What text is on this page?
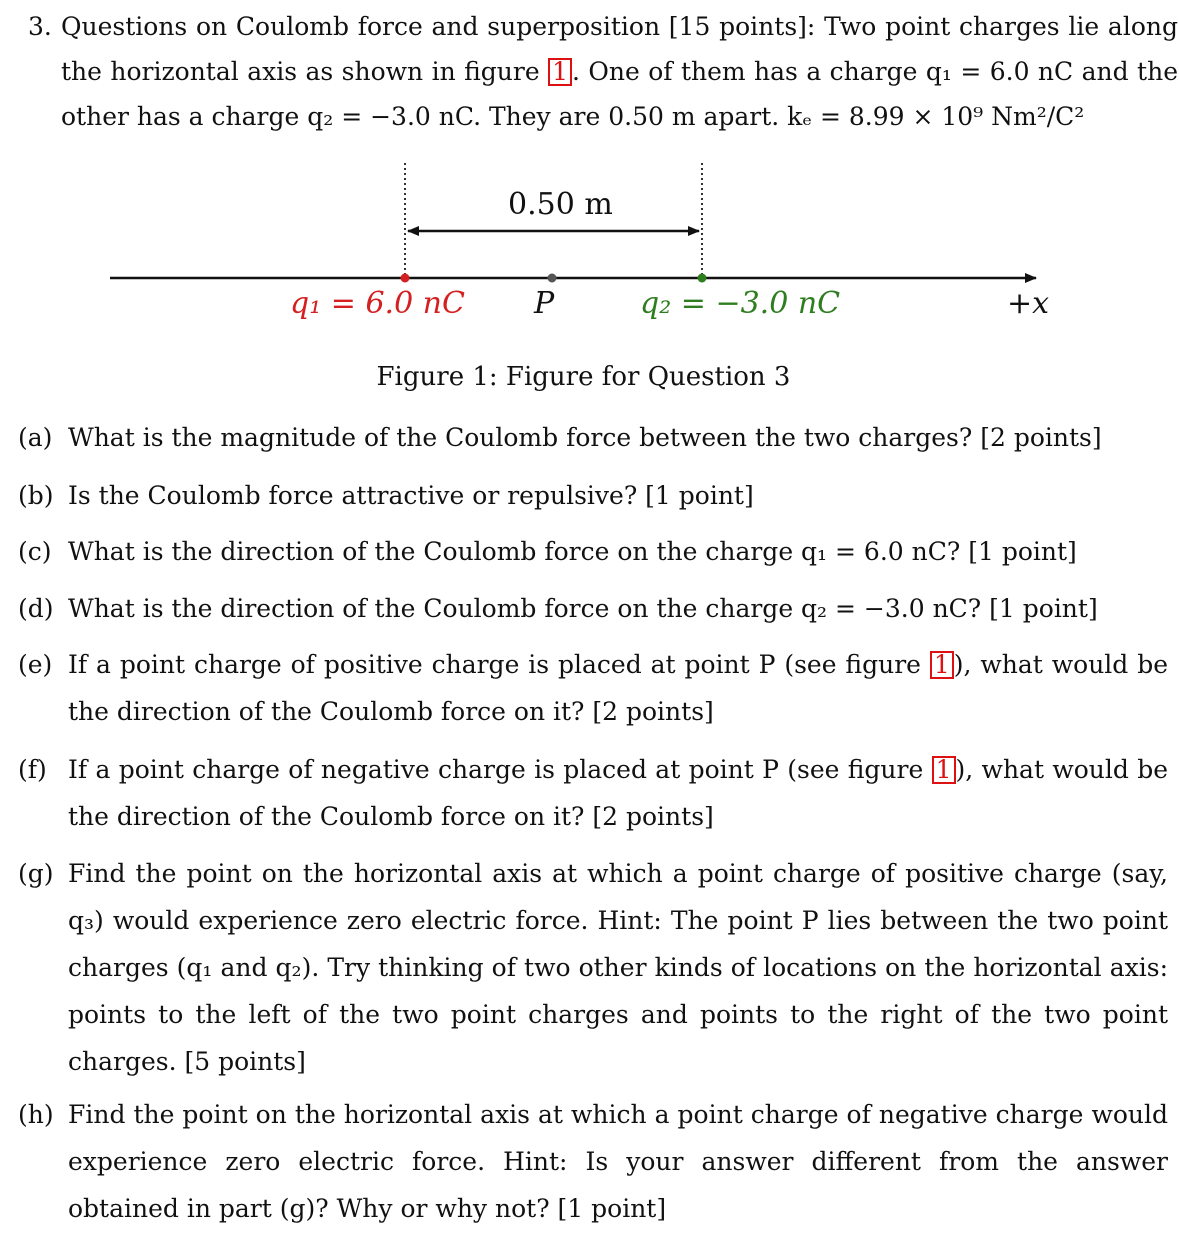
3. Questions on Coulomb force and superposition [15 points]: Two point charges lie along the horizontal axis as shown in figure 1 . One of them has a charge q₁ = 6.0 nC and the other has a charge q₂ = −3.0 nC. They are 0.50 m apart. kₑ = 8.99 × 10⁹ Nm²/C²
0.50 m
q₁ = 6.0 nC P	q₂ = −3.0 nC	+x
Figure 1: Figure for Question 3
(a) What is the magnitude of the Coulomb force between the two charges? [2 points]
(b) Is the Coulomb force attractive or repulsive? [1 point]
(c) What is the direction of the Coulomb force on the charge q₁ = 6.0 nC? [1 point]
(d) What is the direction of the Coulomb force on the charge q₂ = −3.0 nC? [1 point]
(e) If a point charge of positive charge is placed at point P (see figure 1 ), what would be the direction of the Coulomb force on it? [2 points]
(f) If a point charge of negative charge is placed at point P (see figure 1 ), what would be the direction of the Coulomb force on it? [2 points]
(g) Find the point on the horizontal axis at which a point charge of positive charge (say, q₃) would experience zero electric force. Hint: The point P lies between the two point charges (q₁ and q₂). Try thinking of two other kinds of locations on the horizontal axis: points to the left of the two point charges and points to the right of the two point charges. [5 points]
(h) Find the point on the horizontal axis at which a point charge of negative charge would experience zero electric force. Hint: Is your answer different from the answer obtained in part (g)? Why or why not? [1 point]
